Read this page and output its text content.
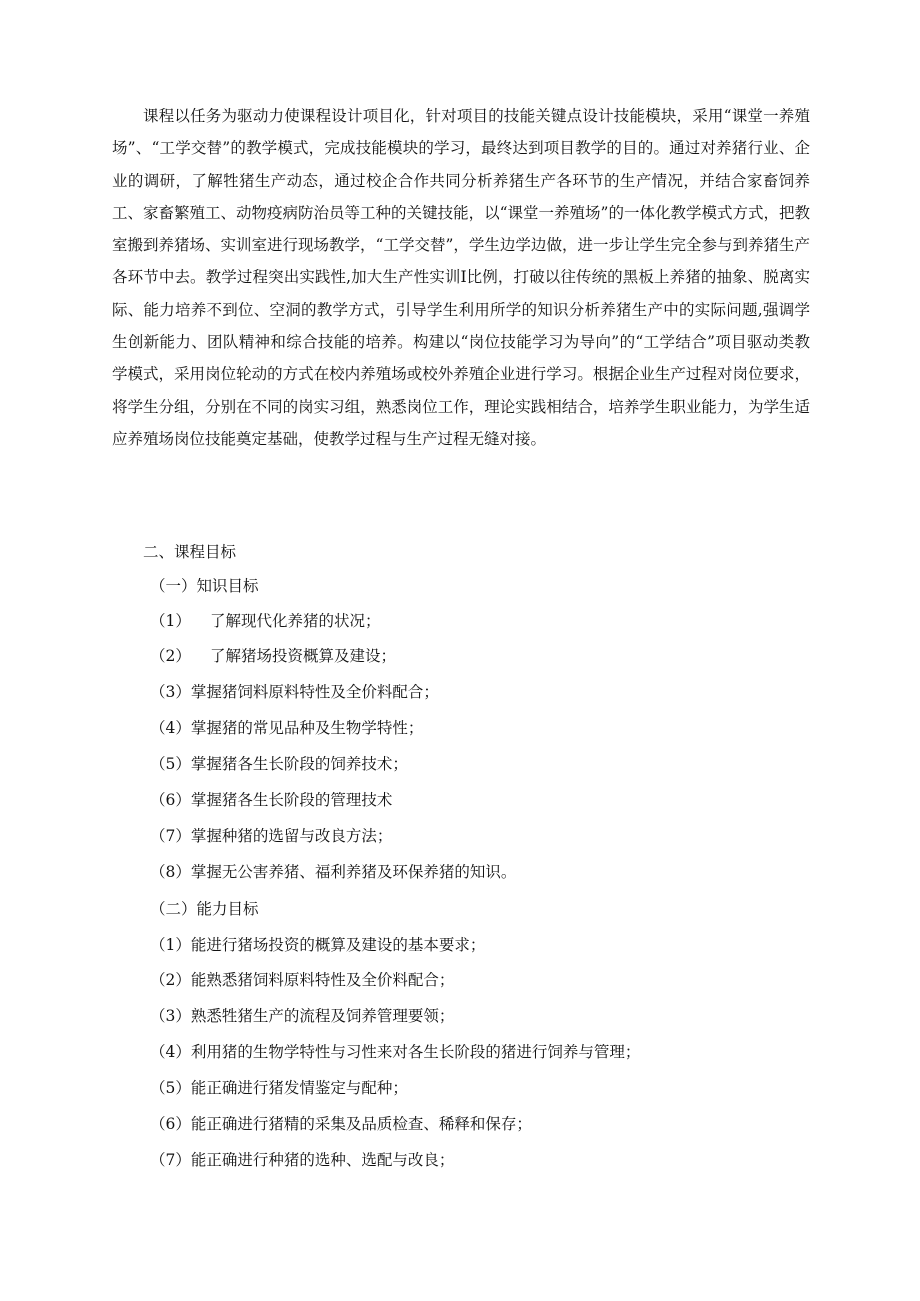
课程以任务为驱动力使课程设计项目化，针对项目的技能关键点设计技能模块，采用“课堂一养殖场”、“工学交替”的教学模式，完成技能模块的学习，最终达到项目教学的目的。通过对养猪行业、企业的调研，了解牲猪生产动态，通过校企合作共同分析养猪生产各环节的生产情况，并结合家畜饲养工、家畜繁殖工、动物疫病防治员等工种的关键技能，以“课堂一养殖场”的一体化教学模式方式，把教室搬到养猪场、实训室进行现场教学，“工学交替”，学生边学边做，进一步让学生完全参与到养猪生产各环节中去。教学过程突出实践性,加大生产性实训Ⅰ比例，打破以往传统的黑板上养猪的抽象、脱离实际、能力培养不到位、空洞的教学方式，引导学生利用所学的知识分析养猪生产中的实际问题,强调学生创新能力、团队精神和综合技能的培养。构建以“岗位技能学习为导向”的“工学结合”项目驱动类教学模式，采用岗位轮动的方式在校内养殖场或校外养殖企业进行学习。根据企业生产过程对岗位要求，将学生分组，分别在不同的岗实习组，熟悉岗位工作，理论实践相结合，培养学生职业能力，为学生适应养殖场岗位技能奠定基础，使教学过程与生产过程无缝对接。

二、课程目标

（一）知识目标

（1） 了解现代化养猪的状况；

（2） 了解猪场投资概算及建设；

（3）掌握猪饲料原料特性及全价料配合；

（4）掌握猪的常见品种及生物学特性；

（5）掌握猪各生长阶段的饲养技术；

（6）掌握猪各生长阶段的管理技术

（7）掌握种猪的选留与改良方法；

（8）掌握无公害养猪、福利养猪及环保养猪的知识。

（二）能力目标

（1）能进行猪场投资的概算及建设的基本要求；

（2）能熟悉猪饲料原料特性及全价料配合；

（3）熟悉牲猪生产的流程及饲养管理要领；

（4）利用猪的生物学特性与习性来对各生长阶段的猪进行饲养与管理；

（5）能正确进行猪发情鉴定与配种；

（6）能正确进行猪精的采集及品质检查、稀释和保存；

（7）能正确进行种猪的选种、选配与改良；
